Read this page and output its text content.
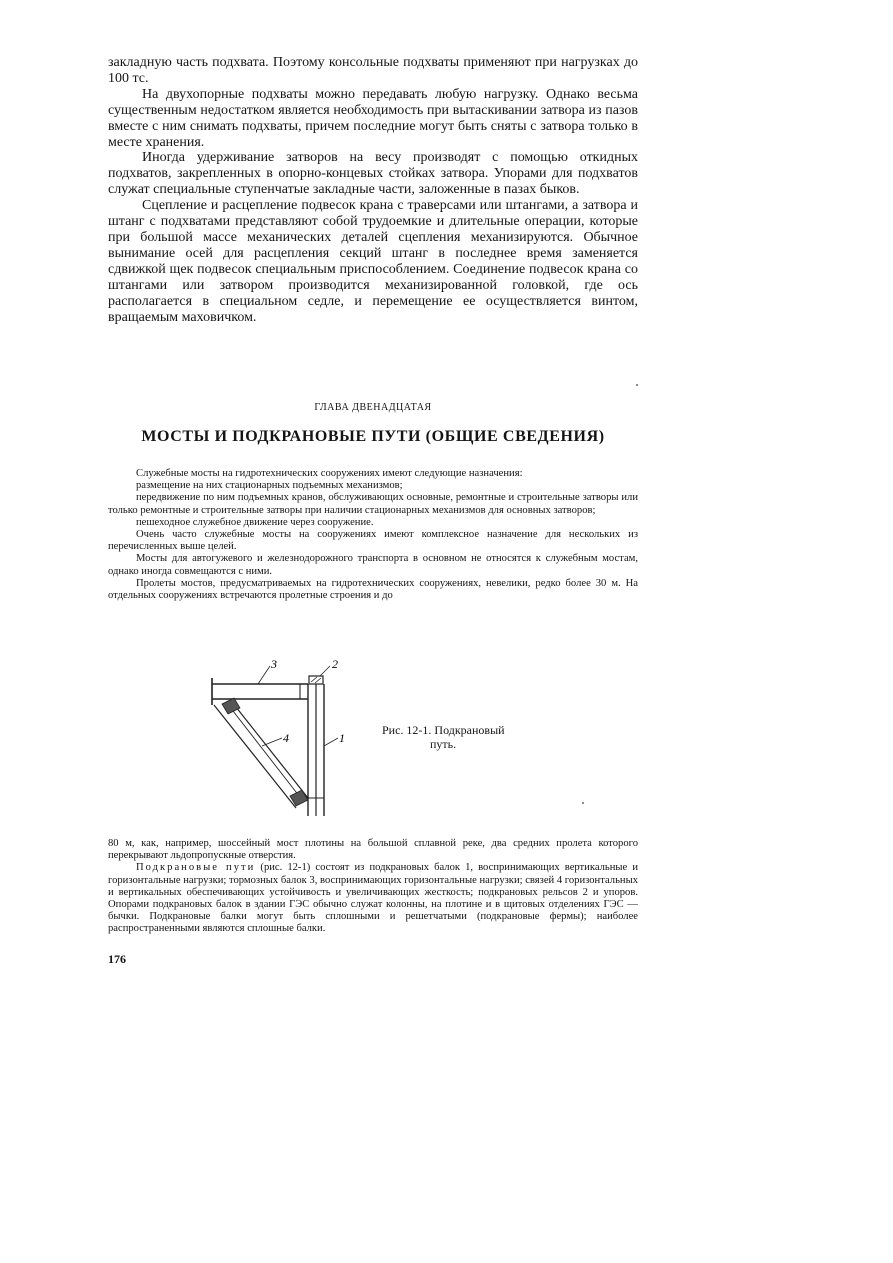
закладную часть подхвата. Поэтому консольные подхваты применяют при нагрузках до 100 тс.

На двухопорные подхваты можно передавать любую нагрузку. Однако весьма существенным недостатком является необходимость при вытаскивании затвора из пазов вместе с ним снимать подхваты, причем последние могут быть сняты с затвора только в месте хранения.

Иногда удерживание затворов на весу производят с помощью откидных подхватов, закрепленных в опорно-концевых стойках затвора. Упорами для подхватов служат специальные ступенчатые закладные части, заложенные в пазах быков.

Сцепление и расцепление подвесок крана с траверсами или штангами, а затвора и штанг с подхватами представляют собой трудоемкие и длительные операции, которые при большой массе механических деталей сцепления механизируются. Обычное вынимание осей для расцепления секций штанг в последнее время заменяется сдвижкой щек подвесок специальным приспособлением. Соединение подвесок крана со штангами или затвором производится механизированной головкой, где ось располагается в специальном седле, и перемещение ее осуществляется винтом, вращаемым маховичком.

ГЛАВА ДВЕНАДЦАТАЯ
МОСТЫ И ПОДКРАНОВЫЕ ПУТИ (ОБЩИЕ СВЕДЕНИЯ)

Служебные мосты на гидротехнических сооружениях имеют следующие назначения:

размещение на них стационарных подъемных механизмов;

передвижение по ним подъемных кранов, обслуживающих основные, ремонтные и строительные затворы или только ремонтные и строительные затворы при наличии стационарных механизмов для основных затворов;

пешеходное служебное движение через сооружение.

Очень часто служебные мосты на сооружениях имеют комплексное назначение для нескольких из перечисленных выше целей.

Мосты для автогужевого и железнодорожного транспорта в основном не относятся к служебным мостам, однако иногда совмещаются с ними.

Пролеты мостов, предусматриваемых на гидротехнических сооружениях, невелики, редко более 30 м. На отдельных сооружениях встречаются пролетные строения и до

3	2
4	1
Рис. 12-1. Подкрановый
путь.

80 м, как, например, шоссейный мост плотины на большой сплавной реке, два средних пролета которого перекрывают льдопропускные отверстия.

Подкрановые пути (рис. 12-1) состоят из подкрановых балок 1, воспринимающих вертикальные и горизонтальные нагрузки; тормозных балок 3, воспринимающих горизонтальные нагрузки; связей 4 горизонтальных и вертикальных обеспечивающих устойчивость и увеличивающих жесткость; подкрановых рельсов 2 и упоров. Опорами подкрановых балок в здании ГЭС обычно служат колонны, на плотине и в щитовых отделениях ГЭС — бычки. Подкрановые балки могут быть сплошными и решетчатыми (подкрановые фермы); наиболее распространенными являются сплошные балки.

176
